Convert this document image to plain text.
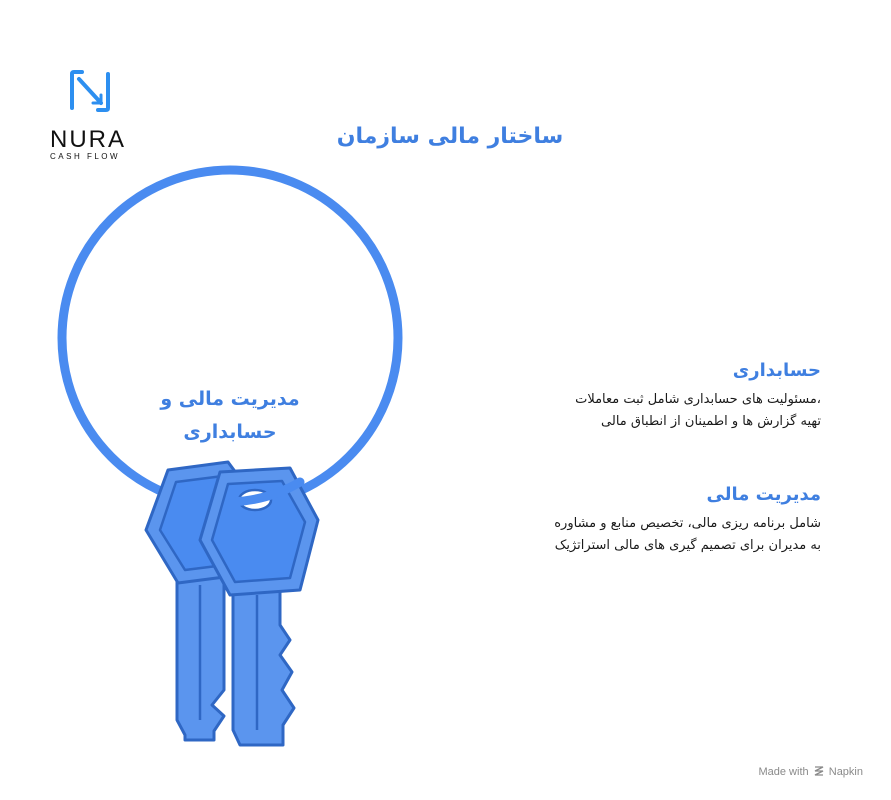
NURA
CASH FLOW
ساختار مالی سازمان
مدیریت مالی و
حسابداری
حسابداری
،مسئولیت های حسابداری شامل ثبت معاملات
تهیه گزارش ها و اطمینان از انطباق مالی
مدیریت مالی
شامل برنامه ریزی مالی، تخصیص منابع و مشاوره
به مدیران برای تصمیم گیری های مالی استراتژیک
Made with Napkin
